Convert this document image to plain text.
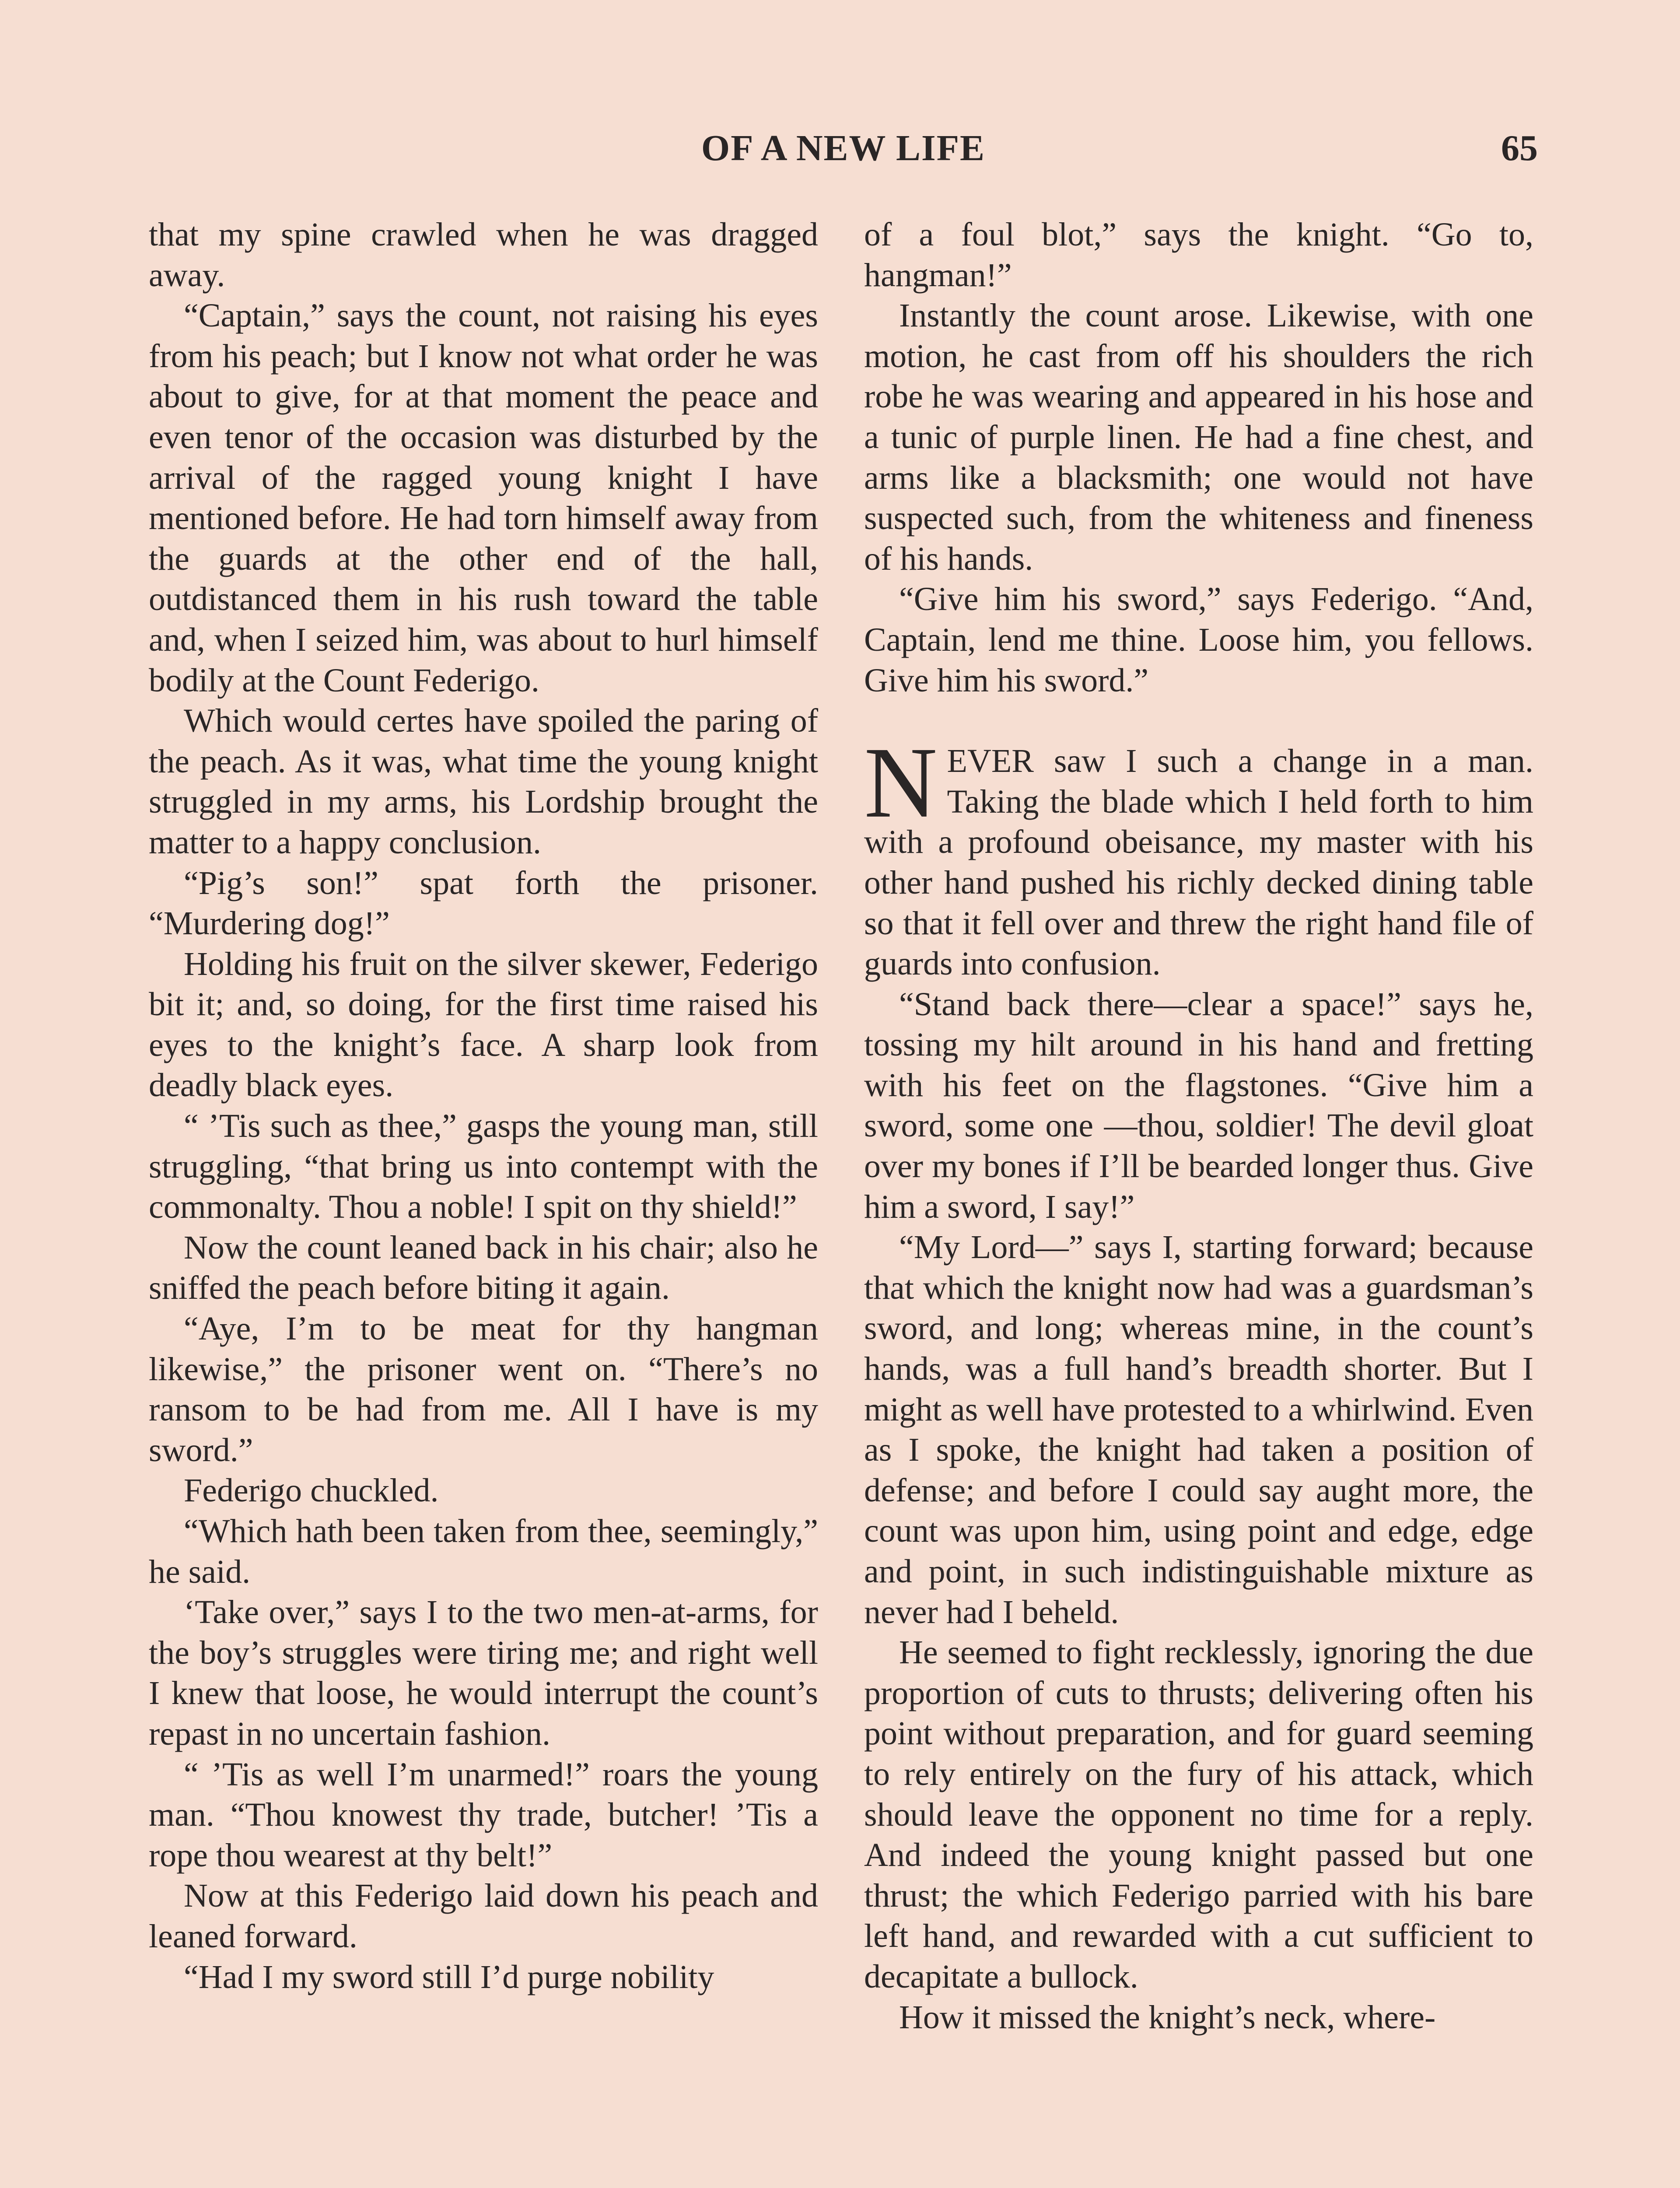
OF A NEW LIFE	65

that my spine crawled when he was dragged away.

“Captain,” says the count, not raising his eyes from his peach; but I know not what order he was about to give, for at that moment the peace and even tenor of the occasion was disturbed by the arrival of the ragged young knight I have mentioned before. He had torn himself away from the guards at the other end of the hall, outdistanced them in his rush toward the table and, when I seized him, was about to hurl himself bodily at the Count Federigo.

Which would certes have spoiled the paring of the peach. As it was, what time the young knight struggled in my arms, his Lordship brought the matter to a happy conclusion.

“Pig’s son!” spat forth the prisoner. “Murdering dog!”

Holding his fruit on the silver skewer, Federigo bit it; and, so doing, for the first time raised his eyes to the knight’s face. A sharp look from deadly black eyes.

“ ’Tis such as thee,” gasps the young man, still struggling, “that bring us into contempt with the commonalty. Thou a noble! I spit on thy shield!”

Now the count leaned back in his chair; also he sniffed the peach before biting it again.

“Aye, I’m to be meat for thy hangman likewise,” the prisoner went on. “There’s no ransom to be had from me. All I have is my sword.”

Federigo chuckled.

“Which hath been taken from thee, seemingly,” he said.

‘Take over,” says I to the two men-at-arms, for the boy’s struggles were tiring me; and right well I knew that loose, he would interrupt the count’s repast in no uncertain fashion.

“ ’Tis as well I’m unarmed!” roars the young man. “Thou knowest thy trade, butcher! ’Tis a rope thou wearest at thy belt!”

Now at this Federigo laid down his peach and leaned forward.

“Had I my sword still I’d purge nobility

of a foul blot,” says the knight. “Go to, hangman!”

Instantly the count arose. Likewise, with one motion, he cast from off his shoulders the rich robe he was wearing and appeared in his hose and a tunic of purple linen. He had a fine chest, and arms like a blacksmith; one would not have suspected such, from the whiteness and fineness of his hands.

“Give him his sword,” says Federigo. “And, Captain, lend me thine. Loose him, you fellows. Give him his sword.”

NEVER saw I such a change in a man. Taking the blade which I held forth to him with a profound obeisance, my master with his other hand pushed his richly decked dining table so that it fell over and threw the right hand file of guards into confusion.

“Stand back there—clear a space!” says he, tossing my hilt around in his hand and fretting with his feet on the flagstones. “Give him a sword, some one —thou, soldier! The devil gloat over my bones if I’ll be bearded longer thus. Give him a sword, I say!”

“My Lord—” says I, starting forward; because that which the knight now had was a guardsman’s sword, and long; whereas mine, in the count’s hands, was a full hand’s breadth shorter. But I might as well have protested to a whirlwind. Even as I spoke, the knight had taken a position of defense; and before I could say aught more, the count was upon him, using point and edge, edge and point, in such indistinguishable mixture as never had I beheld.

He seemed to fight recklessly, ignoring the due proportion of cuts to thrusts; delivering often his point without preparation, and for guard seeming to rely entirely on the fury of his attack, which should leave the opponent no time for a reply. And indeed the young knight passed but one thrust; the which Federigo parried with his bare left hand, and rewarded with a cut sufficient to decapitate a bullock.

How it missed the knight’s neck, where-
